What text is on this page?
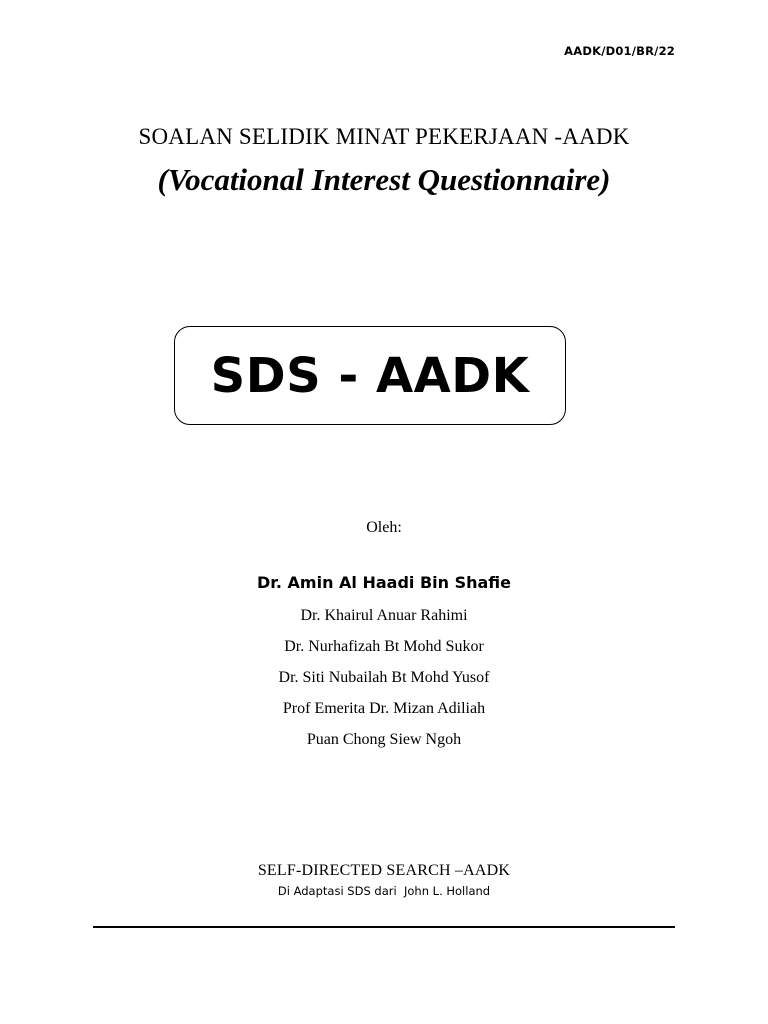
AADK/D01/BR/22
SOALAN SELIDIK MINAT PEKERJAAN -AADK
(Vocational Interest Questionnaire)
SDS - AADK
Oleh:
Dr. Amin Al Haadi Bin Shafie
Dr. Khairul Anuar Rahimi
Dr. Nurhafizah Bt Mohd Sukor
Dr. Siti Nubailah Bt Mohd Yusof
Prof Emerita Dr. Mizan Adiliah
Puan Chong Siew Ngoh
SELF-DIRECTED SEARCH –AADK
Di Adaptasi SDS dari  John L. Holland
